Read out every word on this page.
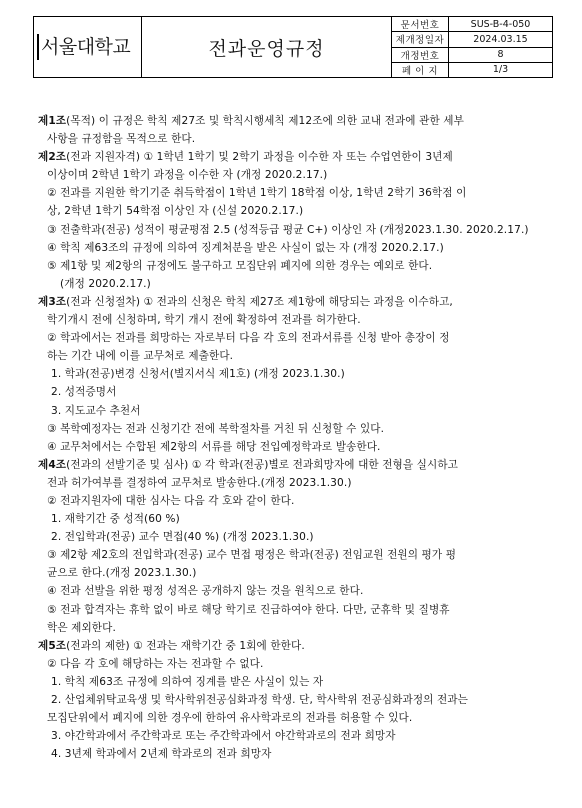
서울대학교	전과운영규정
문서번호	SUS-B-4-050
제개정일자	2024.03.15
개정번호	8
페 이 지	1/3

제1조(목적) 이 규정은 학칙 제27조 및 학칙시행세칙 제12조에 의한 교내 전과에 관한 세부

사항을 규정함을 목적으로 한다.

제2조(전과 지원자격) ① 1학년 1학기 및 2학기 과정을 이수한 자 또는 수업연한이 3년제

이상이며 2학년 1학기 과정을 이수한 자 (개정 2020.2.17.)

② 전과를 지원한 학기기준 취득학점이 1학년 1학기 18학점 이상, 1학년 2학기 36학점 이

상, 2학년 1학기 54학점 이상인 자 (신설 2020.2.17.)

③ 전출학과(전공) 성적이 평균평점 2.5 (성적등급 평균 C+) 이상인 자 (개정2023.1.30. 2020.2.17.)

④ 학칙 제63조의 규정에 의하여 징계처분을 받은 사실이 없는 자 (개정 2020.2.17.)

⑤ 제1항 및 제2항의 규정에도 불구하고 모집단위 폐지에 의한 경우는 예외로 한다.

(개정 2020.2.17.)

제3조(전과 신청절차) ① 전과의 신청은 학칙 제27조 제1항에 해당되는 과정을 이수하고,

학기개시 전에 신청하며, 학기 개시 전에 확정하여 전과를 허가한다.

② 학과에서는 전과를 희망하는 자로부터 다음 각 호의 전과서류를 신청 받아 총장이 정

하는 기간 내에 이를 교무처로 제출한다.

1. 학과(전공)변경 신청서(별지서식 제1호) (개정 2023.1.30.)

2. 성적증명서

3. 지도교수 추천서

③ 복학예정자는 전과 신청기간 전에 복학절차를 거친 뒤 신청할 수 있다.

④ 교무처에서는 수합된 제2항의 서류를 해당 전입예정학과로 발송한다.

제4조(전과의 선발기준 및 심사) ① 각 학과(전공)별로 전과희망자에 대한 전형을 실시하고

전과 허가여부를 결정하여 교무처로 발송한다.(개정 2023.1.30.)

② 전과지원자에 대한 심사는 다음 각 호와 같이 한다.

1. 재학기간 중 성적(60 %)

2. 전입학과(전공) 교수 면접(40 %) (개정 2023.1.30.)

③ 제2항 제2호의 전입학과(전공) 교수 면접 평정은 학과(전공) 전임교원 전원의 평가 평

균으로 한다.(개정 2023.1.30.)

④ 전과 선발을 위한 평정 성적은 공개하지 않는 것을 원칙으로 한다.

⑤ 전과 합격자는 휴학 없이 바로 해당 학기로 진급하여야 한다. 다만, 군휴학 및 질병휴

학은 제외한다.

제5조(전과의 제한) ① 전과는 재학기간 중 1회에 한한다.

② 다음 각 호에 해당하는 자는 전과할 수 없다.

1. 학칙 제63조 규정에 의하여 징계를 받은 사실이 있는 자

2. 산업체위탁교육생 및 학사학위전공심화과정 학생. 단, 학사학위 전공심화과정의 전과는

모집단위에서 폐지에 의한 경우에 한하여 유사학과로의 전과를 허용할 수 있다.

3. 야간학과에서 주간학과로 또는 주간학과에서 야간학과로의 전과 희망자

4. 3년제 학과에서 2년제 학과로의 전과 희망자
